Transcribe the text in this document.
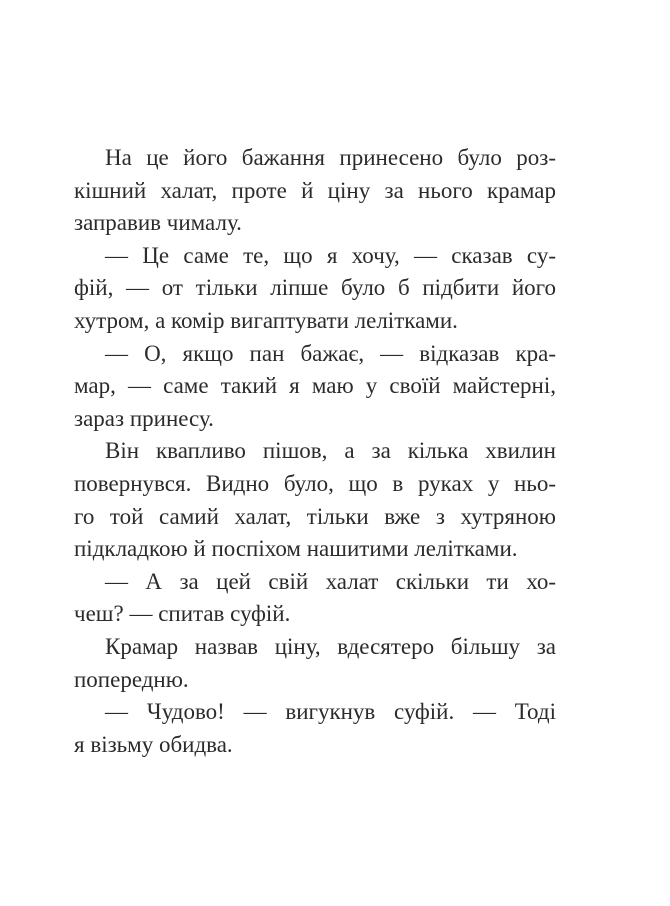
На це його бажання принесено було роз-
кішний халат, проте й ціну за нього крамар
заправив чималу.
— Це саме те, що я хочу, — сказав су-
фій, — от тільки ліпше було б підбити його
хутром, а комір вигаптувати лелітками.
— О, якщо пан бажає, — відказав кра-
мар, — саме такий я маю у своїй майстерні,
зараз принесу.
Він квапливо пішов, а за кілька хвилин
повернувся. Видно було, що в руках у ньо-
го той самий халат, тільки вже з хутряною
підкладкою й поспіхом нашитими лелітками.
— А за цей свій халат скільки ти хо-
чеш? — спитав суфій.
Крамар назвав ціну, вдесятеро більшу за
попередню.
— Чудово! — вигукнув суфій. — Тоді
я візьму обидва.
